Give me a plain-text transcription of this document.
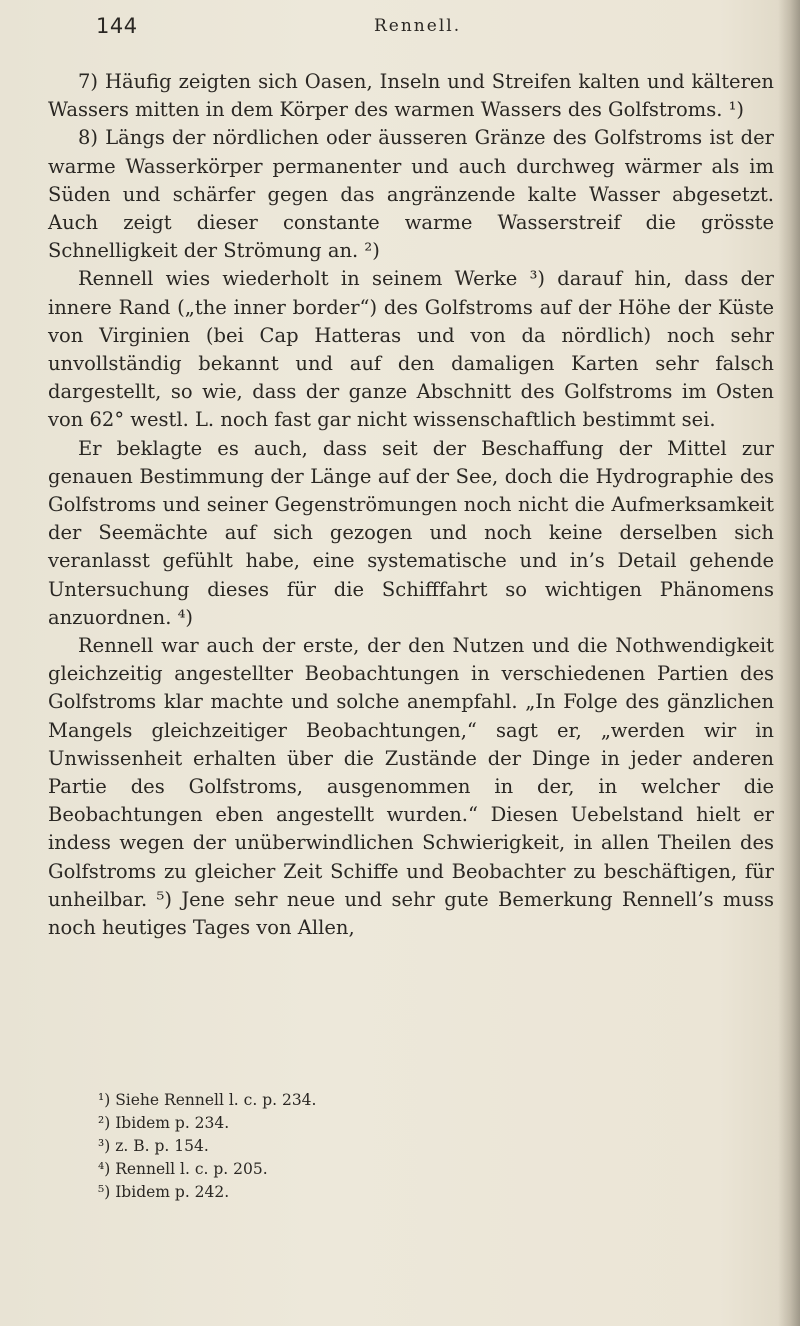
144	Rennell.

7) Häufig zeigten sich Oasen, Inseln und Streifen kalten und kälteren Wassers mitten in dem Körper des warmen Wassers des Golfstroms. ¹)

8) Längs der nördlichen oder äusseren Gränze des Golfstroms ist der warme Wasserkörper permanenter und auch durchweg wärmer als im Süden und schärfer gegen das angränzende kalte Wasser abgesetzt. Auch zeigt dieser constante warme Wasserstreif die grösste Schnelligkeit der Strömung an. ²)

Rennell wies wiederholt in seinem Werke ³) darauf hin, dass der innere Rand („the inner border“) des Golfstroms auf der Höhe der Küste von Virginien (bei Cap Hatteras und von da nördlich) noch sehr unvollständig bekannt und auf den damaligen Karten sehr falsch dargestellt, so wie, dass der ganze Abschnitt des Golfstroms im Osten von 62° westl. L. noch fast gar nicht wissenschaftlich bestimmt sei.

Er beklagte es auch, dass seit der Beschaffung der Mittel zur genauen Bestimmung der Länge auf der See, doch die Hydrographie des Golfstroms und seiner Gegenströmungen noch nicht die Aufmerksamkeit der Seemächte auf sich gezogen und noch keine derselben sich veranlasst gefühlt habe, eine systematische und in’s Detail gehende Untersuchung dieses für die Schifffahrt so wichtigen Phänomens anzuordnen. ⁴)

Rennell war auch der erste, der den Nutzen und die Nothwendigkeit gleichzeitig angestellter Beobachtungen in verschiedenen Partien des Golfstroms klar machte und solche anempfahl. „In Folge des gänzlichen Mangels gleichzeitiger Beobachtungen,“ sagt er, „werden wir in Unwissenheit erhalten über die Zustände der Dinge in jeder anderen Partie des Golfstroms, ausgenommen in der, in welcher die Beobachtungen eben angestellt wurden.“ Diesen Uebelstand hielt er indess wegen der unüberwindlichen Schwierigkeit, in allen Theilen des Golfstroms zu gleicher Zeit Schiffe und Beobachter zu beschäftigen, für unheilbar. ⁵) Jene sehr neue und sehr gute Bemerkung Rennell’s muss noch heutiges Tages von Allen,

¹) Siehe Rennell l. c. p. 234.

²) Ibidem p. 234.

³) z. B. p. 154.

⁴) Rennell l. c. p. 205.

⁵) Ibidem p. 242.
